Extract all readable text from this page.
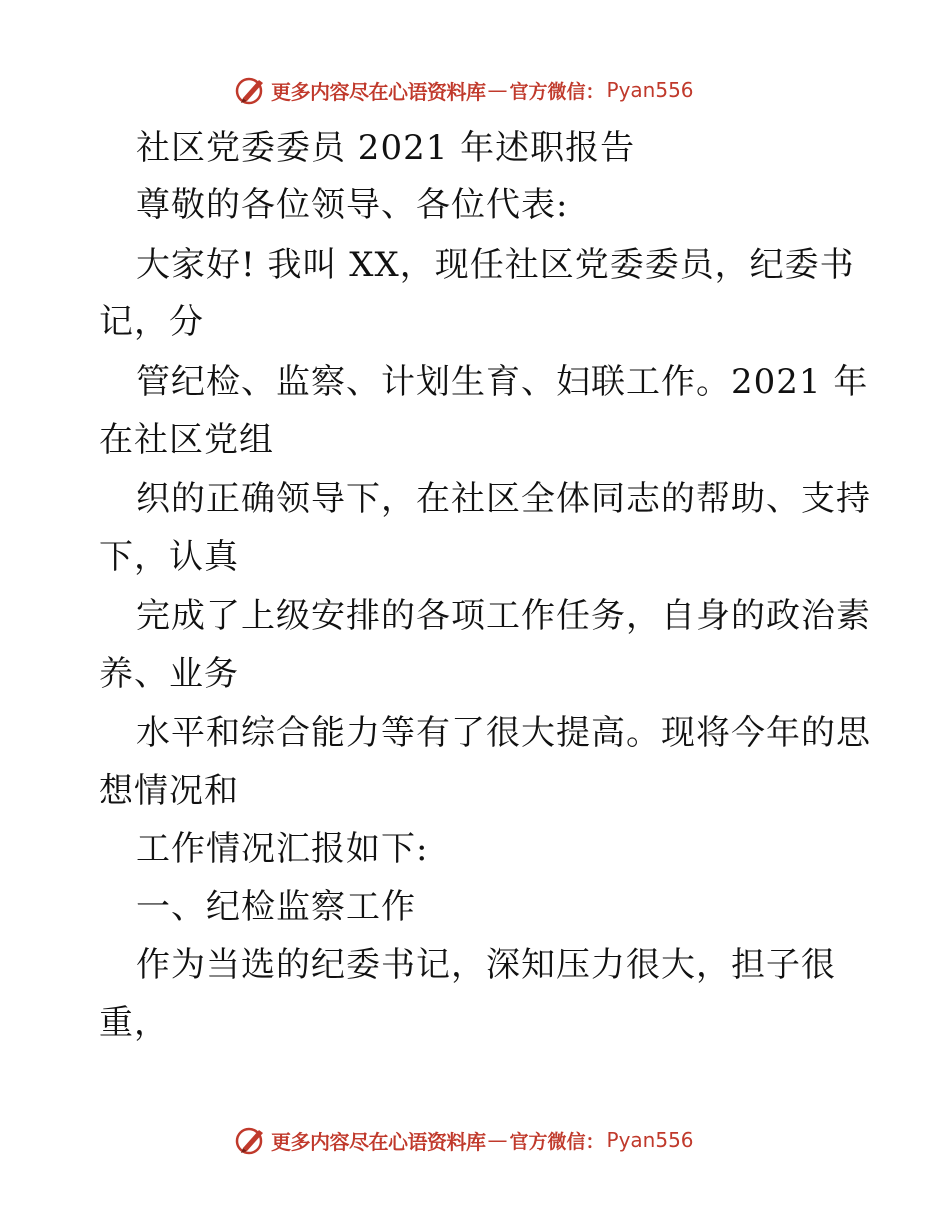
更多内容尽在心语资料库 — 官方微信： Pyan556
社区党委委员 2021 年述职报告
尊敬的各位领导、各位代表:
大家好! 我叫 XX，现任社区党委委员，纪委书
记，分
管纪检、监察、计划生育、妇联工作。2021 年
在社区党组
织的正确领导下，在社区全体同志的帮助、支持
下，认真
完成了上级安排的各项工作任务，自身的政治素
养、业务
水平和综合能力等有了很大提高。现将今年的思
想情况和
工作情况汇报如下:
一、纪检监察工作
作为当选的纪委书记，深知压力很大，担子很
重，
更多内容尽在心语资料库 — 官方微信： Pyan556
